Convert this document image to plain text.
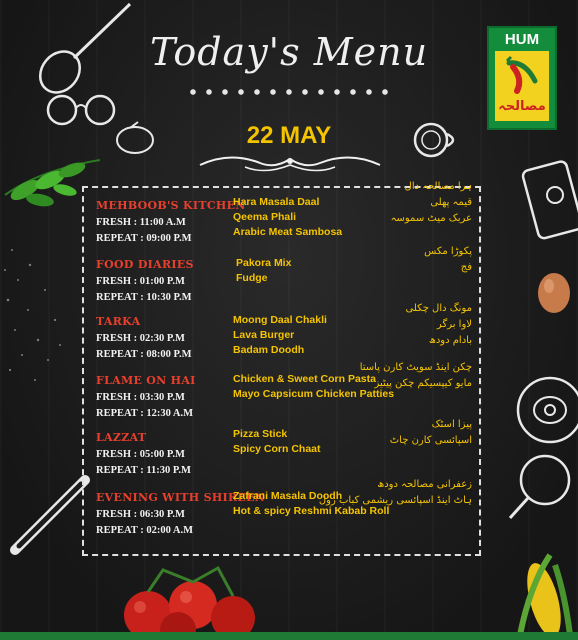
Today's Menu	HUM
مصالحہ
22 MAY
MEHBOOB'S KITCHEN
FRESH : 11:00 A.M
REPEAT : 09:00 P.M
Hara Masala Daal
Qeema Phali
Arabic Meat Sambosa
ہرا مصالحہ دال
قیمہ پھلی
عربک میٹ سموسہ
FOOD DIARIES
FRESH : 01:00 P.M
REPEAT : 10:30 P.M
Pakora Mix
Fudge
پکوڑا مکس
فج
TARKA
FRESH : 02:30 P.M
REPEAT : 08:00 P.M
Moong Daal Chakli
Lava Burger
Badam Doodh
مونگ دال چکلی
لاوا برگر
بادام دودھ
FLAME ON HAI
FRESH : 03:30 P.M
REPEAT : 12:30 A.M
Chicken & Sweet Corn Pasta
Mayo Capsicum Chicken Patties
چکن اینڈ سویٹ کارن پاستا
مایو کیپسیکم چکن پیٹیز
LAZZAT
FRESH : 05:00 P.M
REPEAT : 11:30 P.M
Pizza Stick
Spicy Corn Chaat
پیزا اسٹک
اسپائسی کارن چاٹ
EVENING WITH SHIREEN
FRESH : 06:30 P.M
REPEAT : 02:00 A.M
Zafrani Masala Doodh
Hot & spicy Reshmi Kabab Roll
زعفرانی مصالحہ دودھ
ہاٹ اینڈ اسپائسی ریشمی کباب رول
